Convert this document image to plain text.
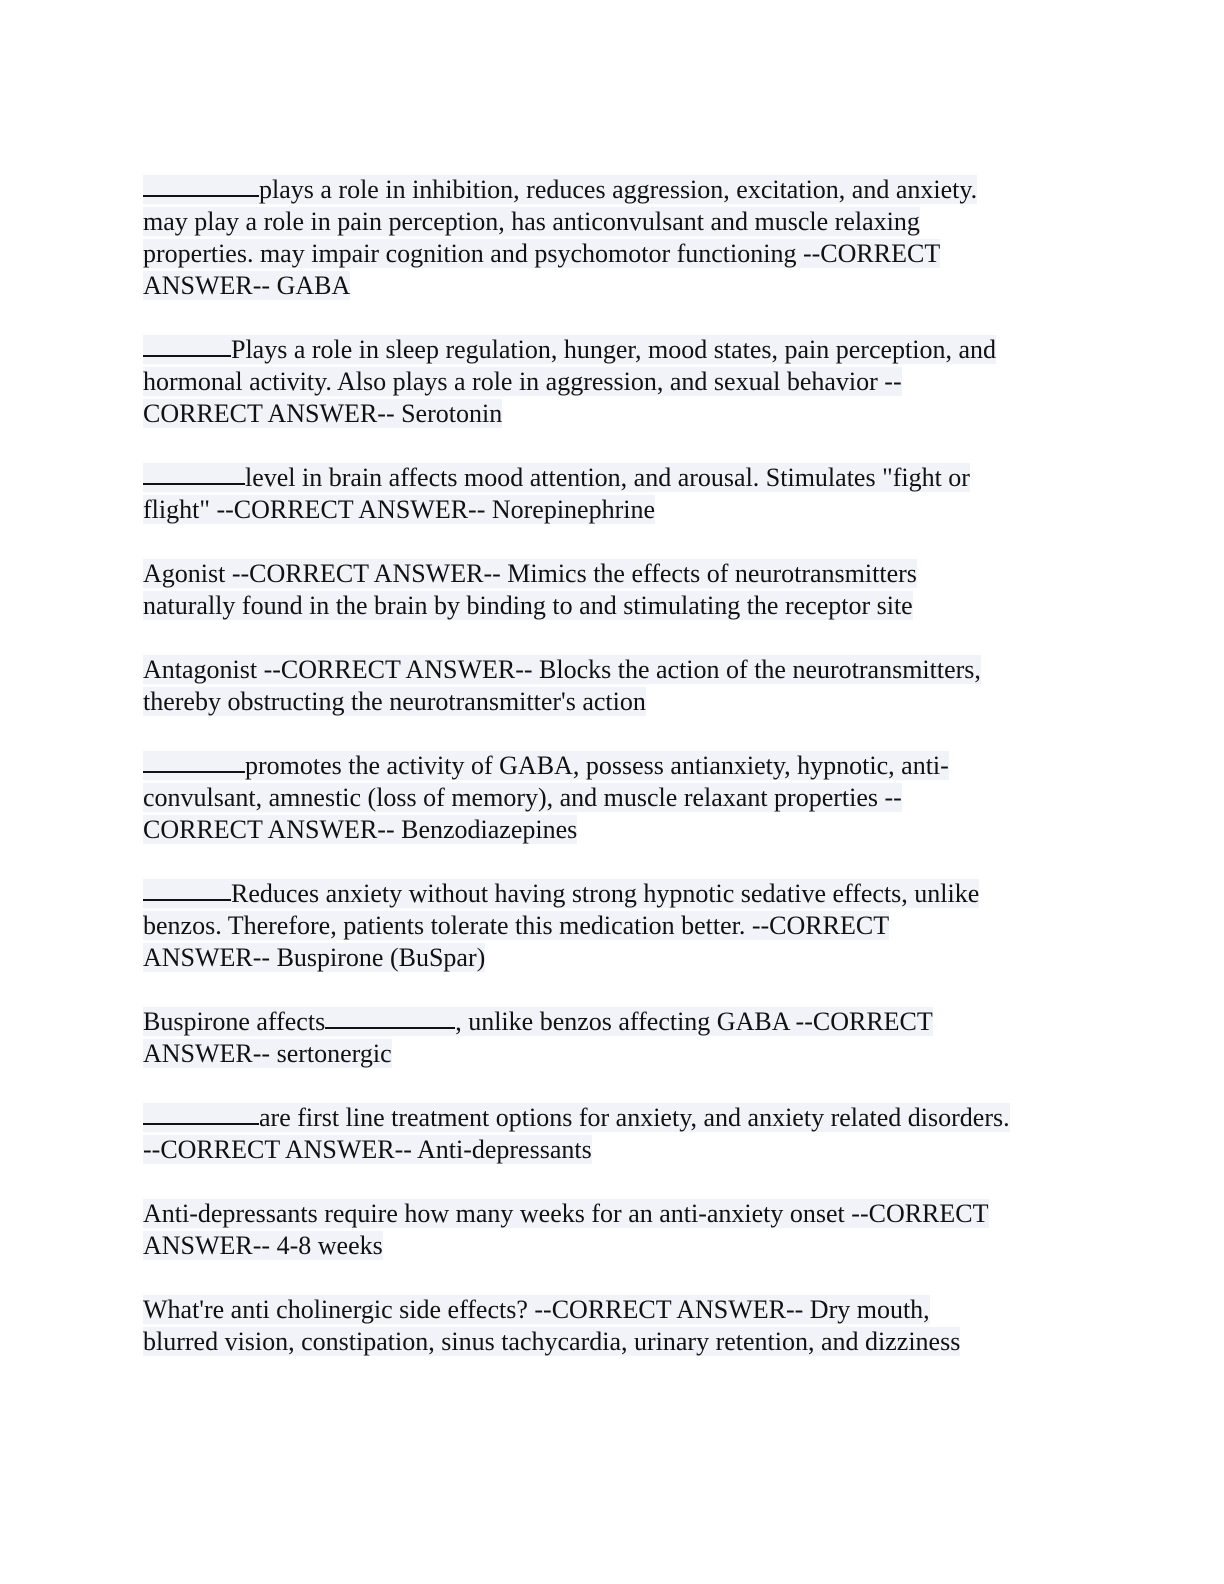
plays a role in inhibition, reduces aggression, excitation, and anxiety.
may play a role in pain perception, has anticonvulsant and muscle relaxing
properties. may impair cognition and psychomotor functioning --CORRECT
ANSWER-- GABA
Plays a role in sleep regulation, hunger, mood states, pain perception, and
hormonal activity. Also plays a role in aggression, and sexual behavior --
CORRECT ANSWER-- Serotonin
level in brain affects mood attention, and arousal. Stimulates "fight or
flight" --CORRECT ANSWER-- Norepinephrine
Agonist --CORRECT ANSWER-- Mimics the effects of neurotransmitters
naturally found in the brain by binding to and stimulating the receptor site
Antagonist --CORRECT ANSWER-- Blocks the action of the neurotransmitters,
thereby obstructing the neurotransmitter's action
promotes the activity of GABA, possess antianxiety, hypnotic, anti-
convulsant, amnestic (loss of memory), and muscle relaxant properties --
CORRECT ANSWER-- Benzodiazepines
Reduces anxiety without having strong hypnotic sedative effects, unlike
benzos. Therefore, patients tolerate this medication better. --CORRECT
ANSWER-- Buspirone (BuSpar)
Buspirone affects	, unlike benzos affecting GABA --CORRECT
ANSWER-- sertonergic
are first line treatment options for anxiety, and anxiety related disorders.
--CORRECT ANSWER-- Anti-depressants
Anti-depressants require how many weeks for an anti-anxiety onset --CORRECT
ANSWER-- 4-8 weeks
What're anti cholinergic side effects? --CORRECT ANSWER-- Dry mouth,
blurred vision, constipation, sinus tachycardia, urinary retention, and dizziness
